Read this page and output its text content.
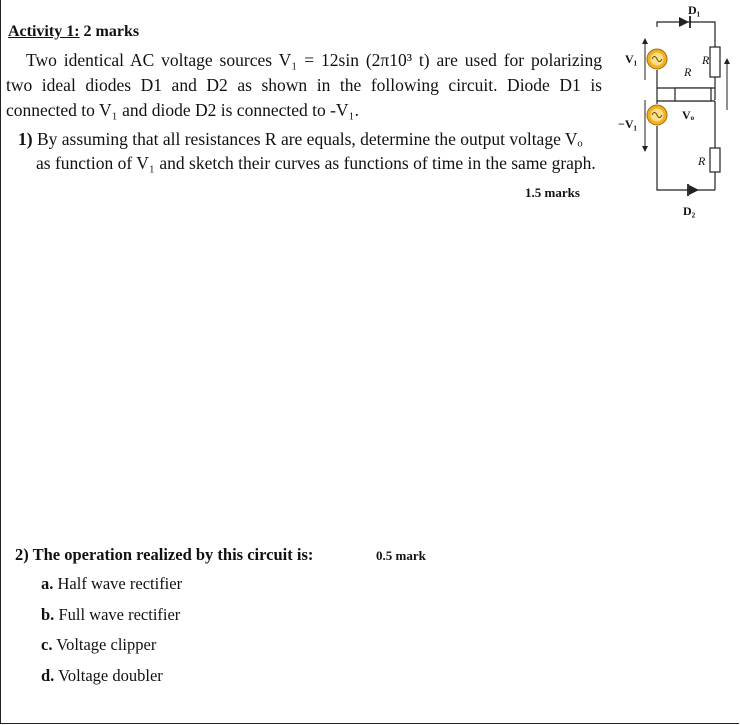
Activity 1: 2 marks
Two identical AC voltage sources V₁ = 12sin (2π10³ t) are used for polarizing
two ideal diodes D1 and D2 as shown in the following circuit. Diode D1 is
connected to V₁ and diode D2 is connected to -V₁.
1) By assuming that all resistances R are equals, determine the output voltage Vₒ
as function of V₁ and sketch their curves as functions of time in the same graph.
1.5 marks
2) The operation realized by this circuit is:	0.5 mark
a. Half wave rectifier
b. Full wave rectifier
c. Voltage clipper
d. Voltage doubler
D₁
D₂
R
R
R
V₁
−V₁
Vₒ
